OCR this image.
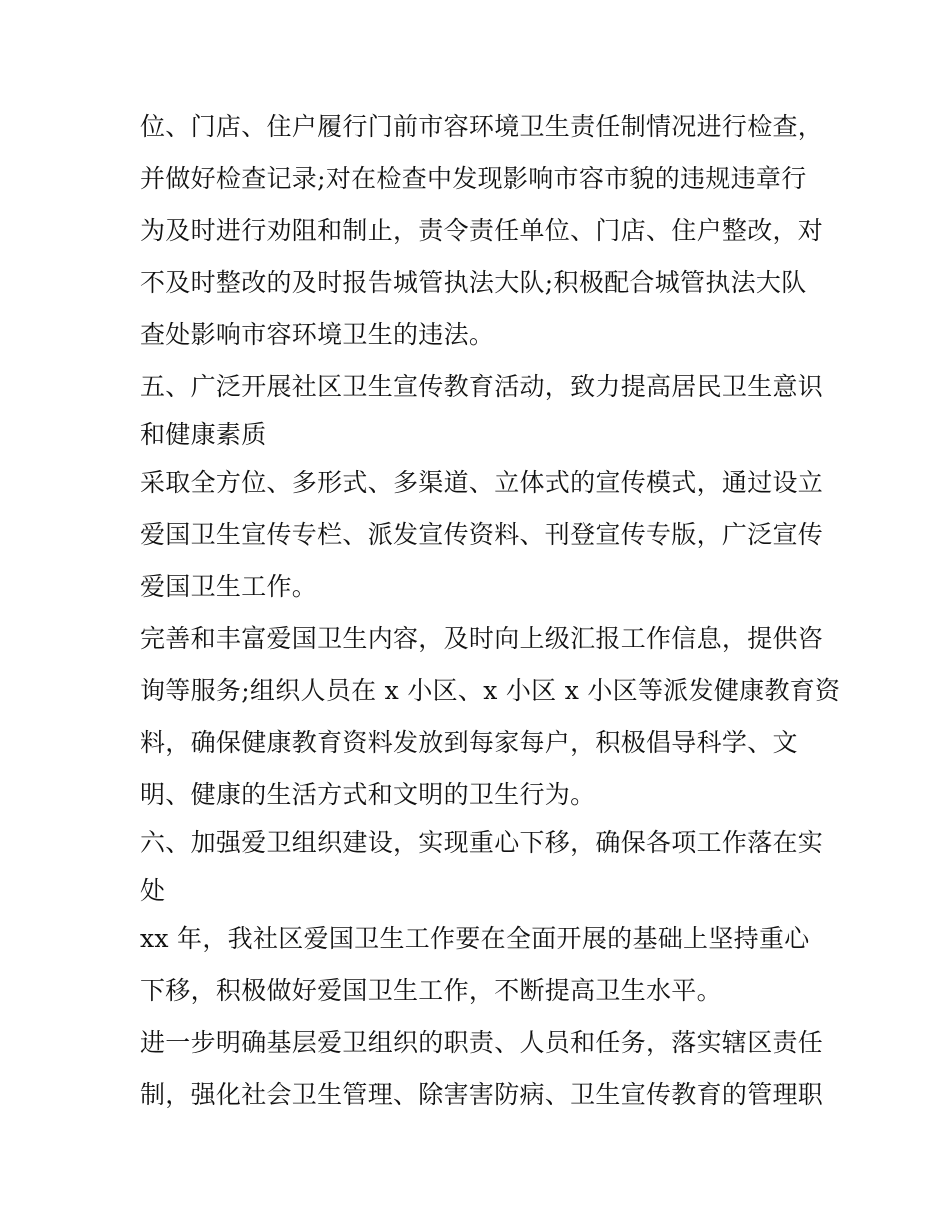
位、门店、住户履行门前市容环境卫生责任制情况进行检查，
并做好检查记录;对在检查中发现影响市容市貌的违规违章行
为及时进行劝阻和制止，责令责任单位、门店、住户整改，对
不及时整改的及时报告城管执法大队;积极配合城管执法大队
查处影响市容环境卫生的违法。
五、广泛开展社区卫生宣传教育活动，致力提高居民卫生意识
和健康素质
采取全方位、多形式、多渠道、立体式的宣传模式，通过设立
爱国卫生宣传专栏、派发宣传资料、刊登宣传专版，广泛宣传
爱国卫生工作。
完善和丰富爱国卫生内容，及时向上级汇报工作信息，提供咨
询等服务;组织人员在 x 小区、x 小区 x 小区等派发健康教育资
料，确保健康教育资料发放到每家每户，积极倡导科学、文
明、健康的生活方式和文明的卫生行为。
六、加强爱卫组织建设，实现重心下移，确保各项工作落在实
处
xx 年，我社区爱国卫生工作要在全面开展的基础上坚持重心
下移，积极做好爱国卫生工作，不断提高卫生水平。
进一步明确基层爱卫组织的职责、人员和任务，落实辖区责任
制，强化社会卫生管理、除害害防病、卫生宣传教育的管理职
